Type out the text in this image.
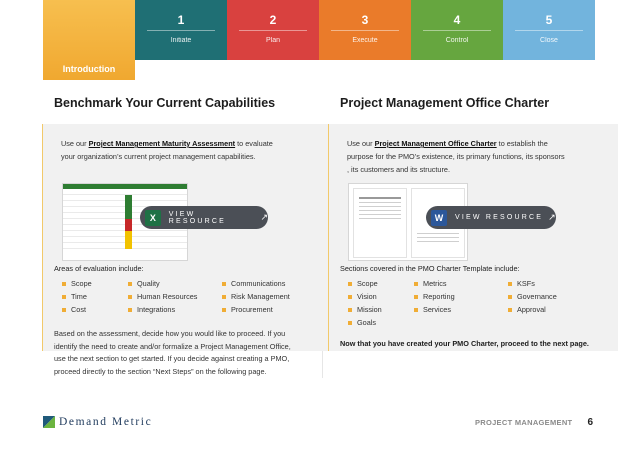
Introduction
1
Initiate
2
Plan
3
Execute
4
Control
5
Close
Benchmark Your Current Capabilities
Use our Project Management Maturity Assessment to evaluate your organization’s current project management capabilities.
X	VIEW RESOURCE	↗
Areas of evaluation include:
Scope	Quality	Communications
Time	Human Resources	Risk Management
Cost	Integrations	Procurement
Based on the assessment, decide how you would like to proceed. If you identify the need to create and/or formalize a Project Management Office, use the next section to get started. If you decide against creating a PMO, proceed directly to the section “Next Steps” on the following page.
Project Management Office Charter
Use our Project Management Office Charter to establish the purpose for the PMO’s existence, its primary functions, its sponsors , its customers and its structure.
W	VIEW RESOURCE ↗
Sections covered in the PMO Charter Template include:
Scope	Metrics	KSFs
Vision	Reporting	Governance
Mission	Services	Approval
Goals
Now that you have created your PMO Charter, proceed to the next page.
Demand Metric	PROJECT MANAGEMENT 6
